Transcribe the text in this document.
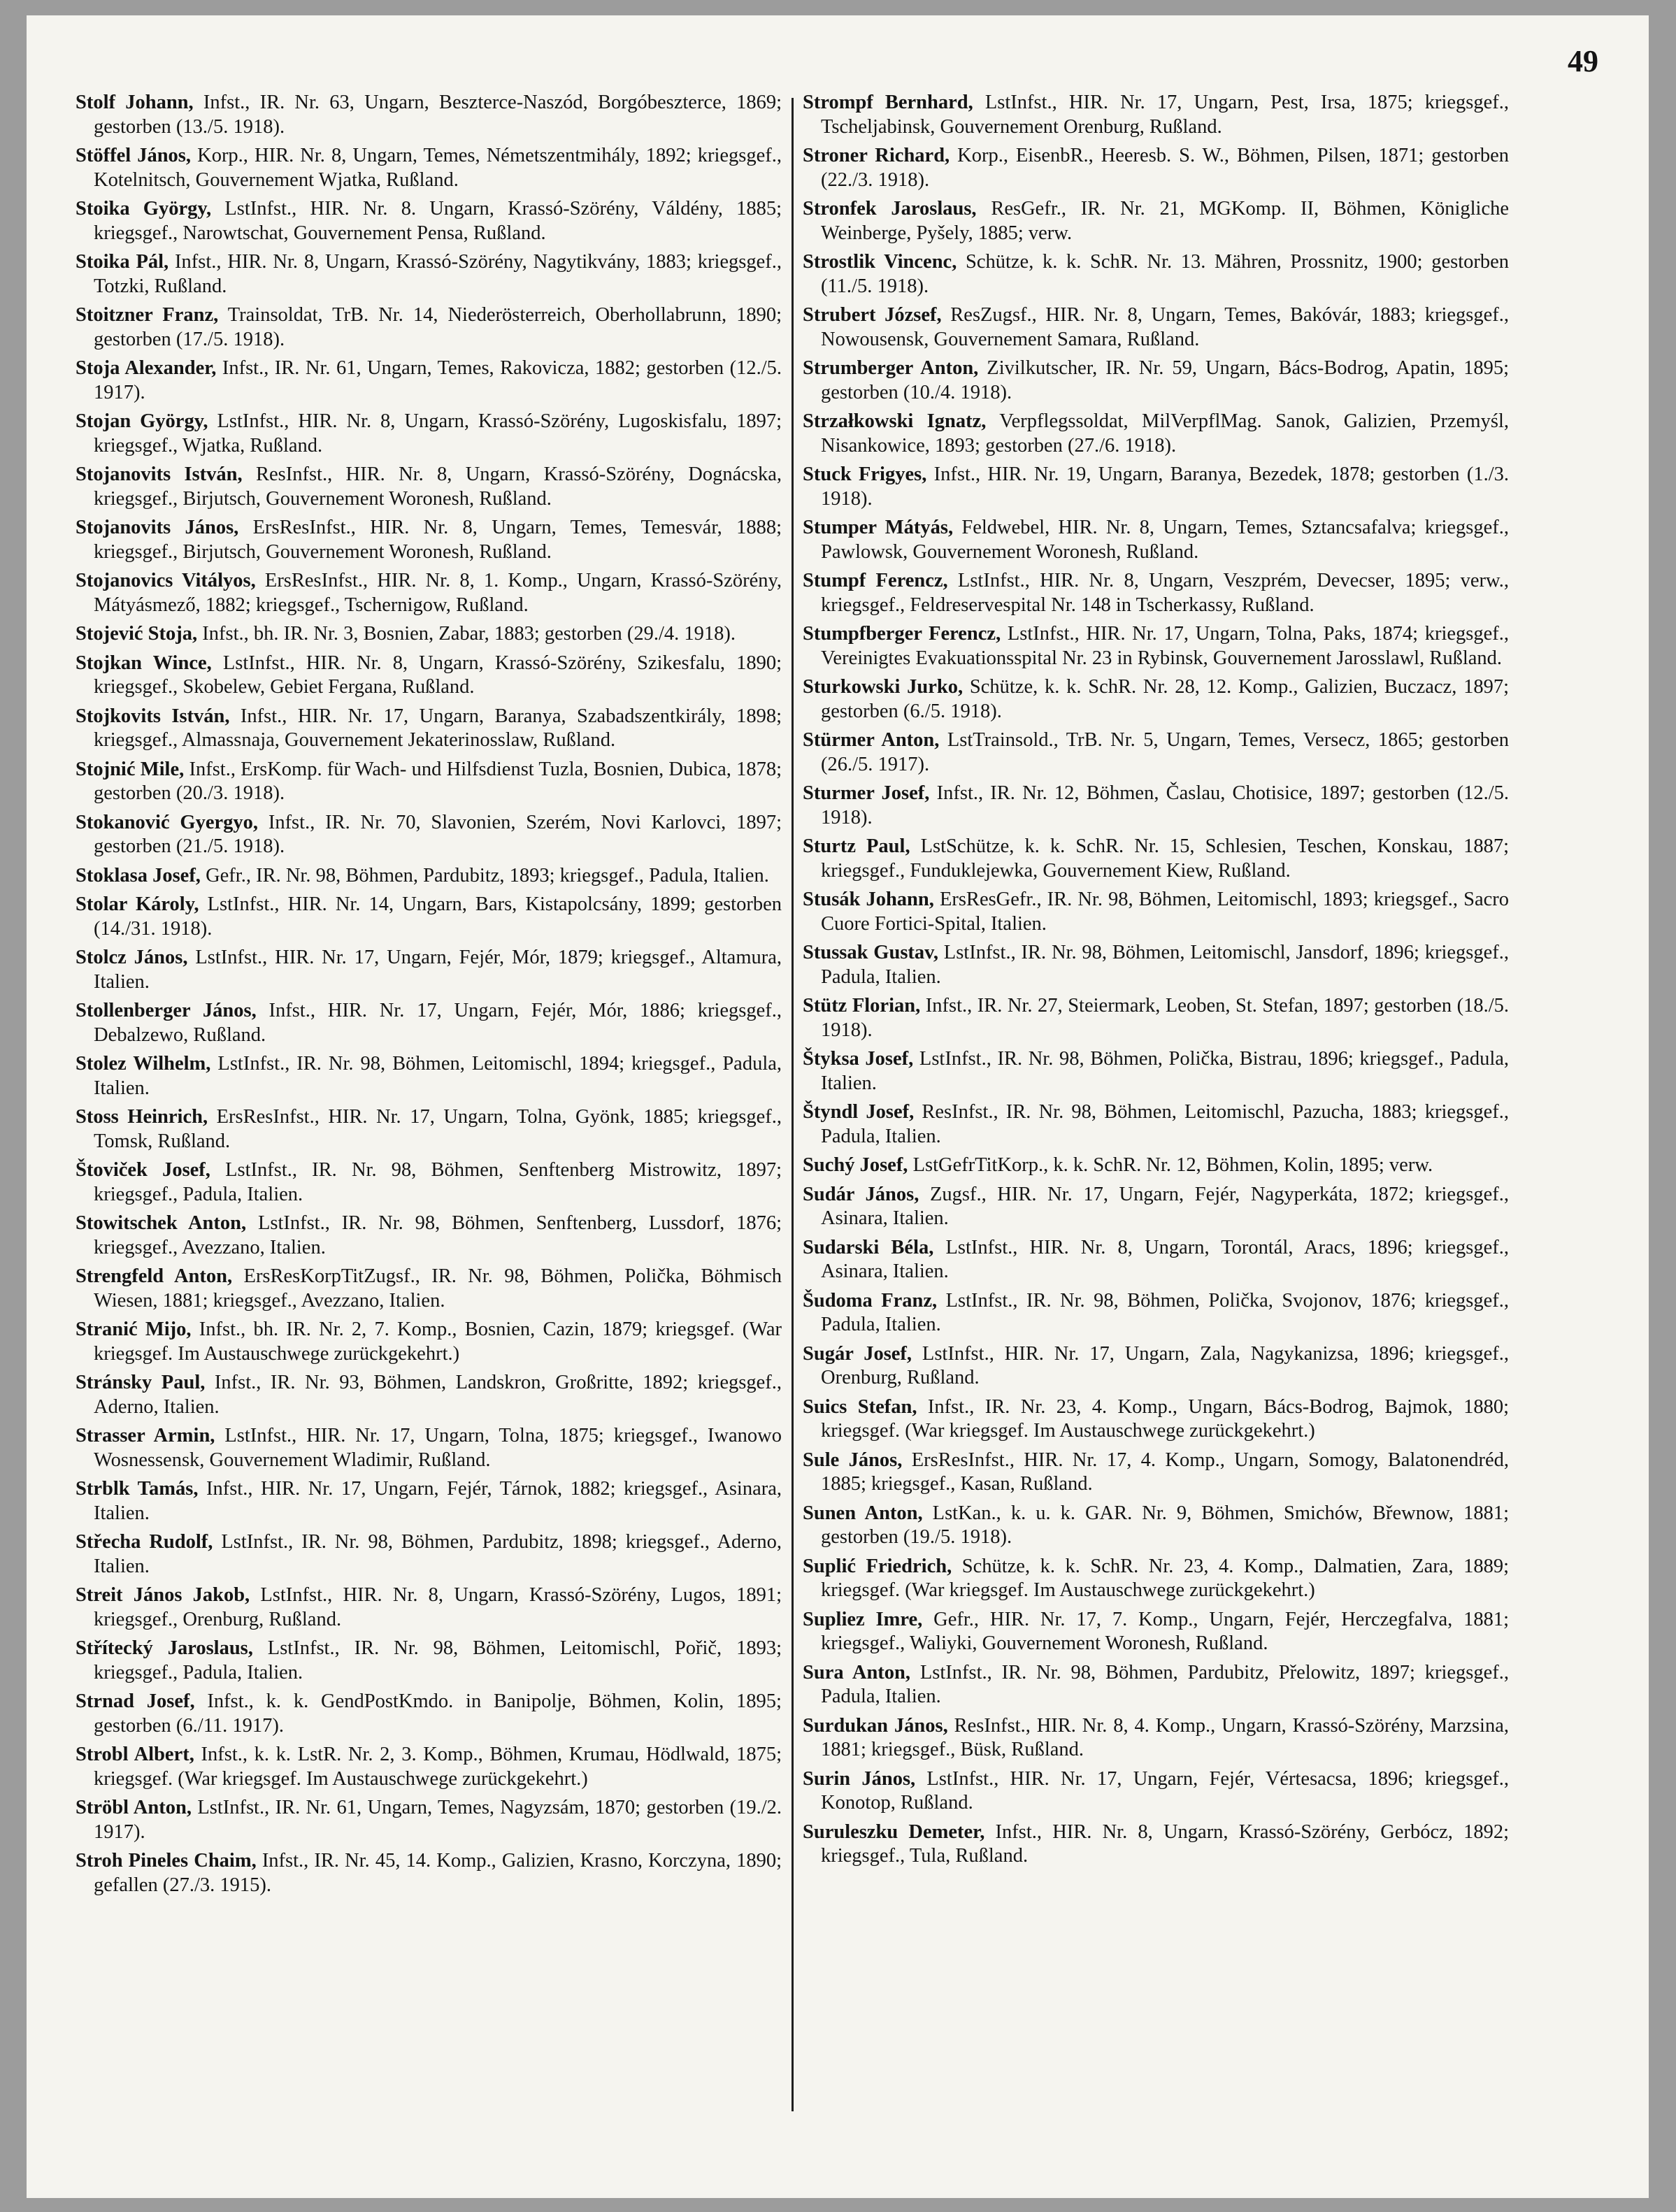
49

Stolf Johann, Infst., IR. Nr. 63, Ungarn, Beszterce-Naszód, Borgóbeszterce, 1869; gestorben (13./5. 1918).

Stöffel János, Korp., HIR. Nr. 8, Ungarn, Temes, Németszentmihály, 1892; kriegsgef., Kotelnitsch, Gouvernement Wjatka, Rußland.

Stoika György, LstInfst., HIR. Nr. 8. Ungarn, Krassó-Szörény, Váldény, 1885; kriegsgef., Narowtschat, Gouvernement Pensa, Rußland.

Stoika Pál, Infst., HIR. Nr. 8, Ungarn, Krassó-Szörény, Nagytikvány, 1883; kriegsgef., Totzki, Rußland.

Stoitzner Franz, Trainsoldat, TrB. Nr. 14, Niederösterreich, Oberhollabrunn, 1890; gestorben (17./5. 1918).

Stoja Alexander, Infst., IR. Nr. 61, Ungarn, Temes, Rakovicza, 1882; gestorben (12./5. 1917).

Stojan György, LstInfst., HIR. Nr. 8, Ungarn, Krassó-Szörény, Lugoskisfalu, 1897; kriegsgef., Wjatka, Rußland.

Stojanovits István, ResInfst., HIR. Nr. 8, Ungarn, Krassó-Szörény, Dognácska, kriegsgef., Birjutsch, Gouvernement Woronesh, Rußland.

Stojanovits János, ErsResInfst., HIR. Nr. 8, Ungarn, Temes, Temesvár, 1888; kriegsgef., Birjutsch, Gouvernement Woronesh, Rußland.

Stojanovics Vitályos, ErsResInfst., HIR. Nr. 8, 1. Komp., Ungarn, Krassó-Szörény, Mátyásmező, 1882; kriegsgef., Tschernigow, Rußland.

Stojević Stoja, Infst., bh. IR. Nr. 3, Bosnien, Zabar, 1883; gestorben (29./4. 1918).

Stojkan Wince, LstInfst., HIR. Nr. 8, Ungarn, Krassó-Szörény, Szikesfalu, 1890; kriegsgef., Skobelew, Gebiet Fergana, Rußland.

Stojkovits István, Infst., HIR. Nr. 17, Ungarn, Baranya, Szabadszentkirály, 1898; kriegsgef., Almassnaja, Gouvernement Jekaterinosslaw, Rußland.

Stojnić Mile, Infst., ErsKomp. für Wach- und Hilfsdienst Tuzla, Bosnien, Dubica, 1878; gestorben (20./3. 1918).

Stokanović Gyergyo, Infst., IR. Nr. 70, Slavonien, Szerém, Novi Karlovci, 1897; gestorben (21./5. 1918).

Stoklasa Josef, Gefr., IR. Nr. 98, Böhmen, Pardubitz, 1893; kriegsgef., Padula, Italien.

Stolar Károly, LstInfst., HIR. Nr. 14, Ungarn, Bars, Kistapolcsány, 1899; gestorben (14./31. 1918).

Stolcz János, LstInfst., HIR. Nr. 17, Ungarn, Fejér, Mór, 1879; kriegsgef., Altamura, Italien.

Stollenberger János, Infst., HIR. Nr. 17, Ungarn, Fejér, Mór, 1886; kriegsgef., Debalzewo, Rußland.

Stolez Wilhelm, LstInfst., IR. Nr. 98, Böhmen, Leitomischl, 1894; kriegsgef., Padula, Italien.

Stoss Heinrich, ErsResInfst., HIR. Nr. 17, Ungarn, Tolna, Gyönk, 1885; kriegsgef., Tomsk, Rußland.

Štoviček Josef, LstInfst., IR. Nr. 98, Böhmen, Senftenberg Mistrowitz, 1897; kriegsgef., Padula, Italien.

Stowitschek Anton, LstInfst., IR. Nr. 98, Böhmen, Senftenberg, Lussdorf, 1876; kriegsgef., Avezzano, Italien.

Strengfeld Anton, ErsResKorpTitZugsf., IR. Nr. 98, Böhmen, Polička, Böhmisch Wiesen, 1881; kriegsgef., Avezzano, Italien.

Stranić Mijo, Infst., bh. IR. Nr. 2, 7. Komp., Bosnien, Cazin, 1879; kriegsgef. (War kriegsgef. Im Austauschwege zurückgekehrt.)

Stránsky Paul, Infst., IR. Nr. 93, Böhmen, Landskron, Großritte, 1892; kriegsgef., Aderno, Italien.

Strasser Armin, LstInfst., HIR. Nr. 17, Ungarn, Tolna, 1875; kriegsgef., Iwanowo Wosnessensk, Gouvernement Wladimir, Rußland.

Strblk Tamás, Infst., HIR. Nr. 17, Ungarn, Fejér, Tárnok, 1882; kriegsgef., Asinara, Italien.

Střecha Rudolf, LstInfst., IR. Nr. 98, Böhmen, Pardubitz, 1898; kriegsgef., Aderno, Italien.

Streit János Jakob, LstInfst., HIR. Nr. 8, Ungarn, Krassó-Szörény, Lugos, 1891; kriegsgef., Orenburg, Rußland.

Střítecký Jaroslaus, LstInfst., IR. Nr. 98, Böhmen, Leitomischl, Pořič, 1893; kriegsgef., Padula, Italien.

Strnad Josef, Infst., k. k. GendPostKmdo. in Banipolje, Böhmen, Kolin, 1895; gestorben (6./11. 1917).

Strobl Albert, Infst., k. k. LstR. Nr. 2, 3. Komp., Böhmen, Krumau, Hödlwald, 1875; kriegsgef. (War kriegsgef. Im Austauschwege zurückgekehrt.)

Ströbl Anton, LstInfst., IR. Nr. 61, Ungarn, Temes, Nagyzsám, 1870; gestorben (19./2. 1917).

Stroh Pineles Chaim, Infst., IR. Nr. 45, 14. Komp., Galizien, Krasno, Korczyna, 1890; gefallen (27./3. 1915).

Strompf Bernhard, LstInfst., HIR. Nr. 17, Ungarn, Pest, Irsa, 1875; kriegsgef., Tscheljabinsk, Gouvernement Orenburg, Rußland.

Stroner Richard, Korp., EisenbR., Heeresb. S. W., Böhmen, Pilsen, 1871; gestorben (22./3. 1918).

Stronfek Jaroslaus, ResGefr., IR. Nr. 21, MGKomp. II, Böhmen, Königliche Weinberge, Pyšely, 1885; verw.

Strostlik Vincenc, Schütze, k. k. SchR. Nr. 13. Mähren, Prossnitz, 1900; gestorben (11./5. 1918).

Strubert József, ResZugsf., HIR. Nr. 8, Ungarn, Temes, Bakóvár, 1883; kriegsgef., Nowousensk, Gouvernement Samara, Rußland.

Strumberger Anton, Zivilkutscher, IR. Nr. 59, Ungarn, Bács-Bodrog, Apatin, 1895; gestorben (10./4. 1918).

Strzałkowski Ignatz, Verpflegssoldat, MilVerpflMag. Sanok, Galizien, Przemyśl, Nisankowice, 1893; gestorben (27./6. 1918).

Stuck Frigyes, Infst., HIR. Nr. 19, Ungarn, Baranya, Bezedek, 1878; gestorben (1./3. 1918).

Stumper Mátyás, Feldwebel, HIR. Nr. 8, Ungarn, Temes, Sztancsafalva; kriegsgef., Pawlowsk, Gouvernement Woronesh, Rußland.

Stumpf Ferencz, LstInfst., HIR. Nr. 8, Ungarn, Veszprém, Devecser, 1895; verw., kriegsgef., Feldreservespital Nr. 148 in Tscherkassy, Rußland.

Stumpfberger Ferencz, LstInfst., HIR. Nr. 17, Ungarn, Tolna, Paks, 1874; kriegsgef., Vereinigtes Evakuationsspital Nr. 23 in Rybinsk, Gouvernement Jarosslawl, Rußland.

Sturkowski Jurko, Schütze, k. k. SchR. Nr. 28, 12. Komp., Galizien, Buczacz, 1897; gestorben (6./5. 1918).

Stürmer Anton, LstTrainsold., TrB. Nr. 5, Ungarn, Temes, Versecz, 1865; gestorben (26./5. 1917).

Sturmer Josef, Infst., IR. Nr. 12, Böhmen, Časlau, Chotisice, 1897; gestorben (12./5. 1918).

Sturtz Paul, LstSchütze, k. k. SchR. Nr. 15, Schlesien, Teschen, Konskau, 1887; kriegsgef., Funduklejewka, Gouvernement Kiew, Rußland.

Stusák Johann, ErsResGefr., IR. Nr. 98, Böhmen, Leitomischl, 1893; kriegsgef., Sacro Cuore Fortici-Spital, Italien.

Stussak Gustav, LstInfst., IR. Nr. 98, Böhmen, Leitomischl, Jansdorf, 1896; kriegsgef., Padula, Italien.

Stütz Florian, Infst., IR. Nr. 27, Steiermark, Leoben, St. Stefan, 1897; gestorben (18./5. 1918).

Štyksa Josef, LstInfst., IR. Nr. 98, Böhmen, Polička, Bistrau, 1896; kriegsgef., Padula, Italien.

Štyndl Josef, ResInfst., IR. Nr. 98, Böhmen, Leitomischl, Pazucha, 1883; kriegsgef., Padula, Italien.

Suchý Josef, LstGefrTitKorp., k. k. SchR. Nr. 12, Böhmen, Kolin, 1895; verw.

Sudár János, Zugsf., HIR. Nr. 17, Ungarn, Fejér, Nagyperkáta, 1872; kriegsgef., Asinara, Italien.

Sudarski Béla, LstInfst., HIR. Nr. 8, Ungarn, Torontál, Aracs, 1896; kriegsgef., Asinara, Italien.

Šudoma Franz, LstInfst., IR. Nr. 98, Böhmen, Polička, Svojonov, 1876; kriegsgef., Padula, Italien.

Sugár Josef, LstInfst., HIR. Nr. 17, Ungarn, Zala, Nagykanizsa, 1896; kriegsgef., Orenburg, Rußland.

Suics Stefan, Infst., IR. Nr. 23, 4. Komp., Ungarn, Bács-Bodrog, Bajmok, 1880; kriegsgef. (War kriegsgef. Im Austauschwege zurückgekehrt.)

Sule János, ErsResInfst., HIR. Nr. 17, 4. Komp., Ungarn, Somogy, Balatonendréd, 1885; kriegsgef., Kasan, Rußland.

Sunen Anton, LstKan., k. u. k. GAR. Nr. 9, Böhmen, Smichów, Břewnow, 1881; gestorben (19./5. 1918).

Suplić Friedrich, Schütze, k. k. SchR. Nr. 23, 4. Komp., Dalmatien, Zara, 1889; kriegsgef. (War kriegsgef. Im Austauschwege zurückgekehrt.)

Supliez Imre, Gefr., HIR. Nr. 17, 7. Komp., Ungarn, Fejér, Herczegfalva, 1881; kriegsgef., Waliyki, Gouvernement Woronesh, Rußland.

Sura Anton, LstInfst., IR. Nr. 98, Böhmen, Pardubitz, Přelowitz, 1897; kriegsgef., Padula, Italien.

Surdukan János, ResInfst., HIR. Nr. 8, 4. Komp., Ungarn, Krassó-Szörény, Marzsina, 1881; kriegsgef., Büsk, Rußland.

Surin János, LstInfst., HIR. Nr. 17, Ungarn, Fejér, Vértesacsa, 1896; kriegsgef., Konotop, Rußland.

Suruleszku Demeter, Infst., HIR. Nr. 8, Ungarn, Krassó-Szörény, Gerbócz, 1892; kriegsgef., Tula, Rußland.
